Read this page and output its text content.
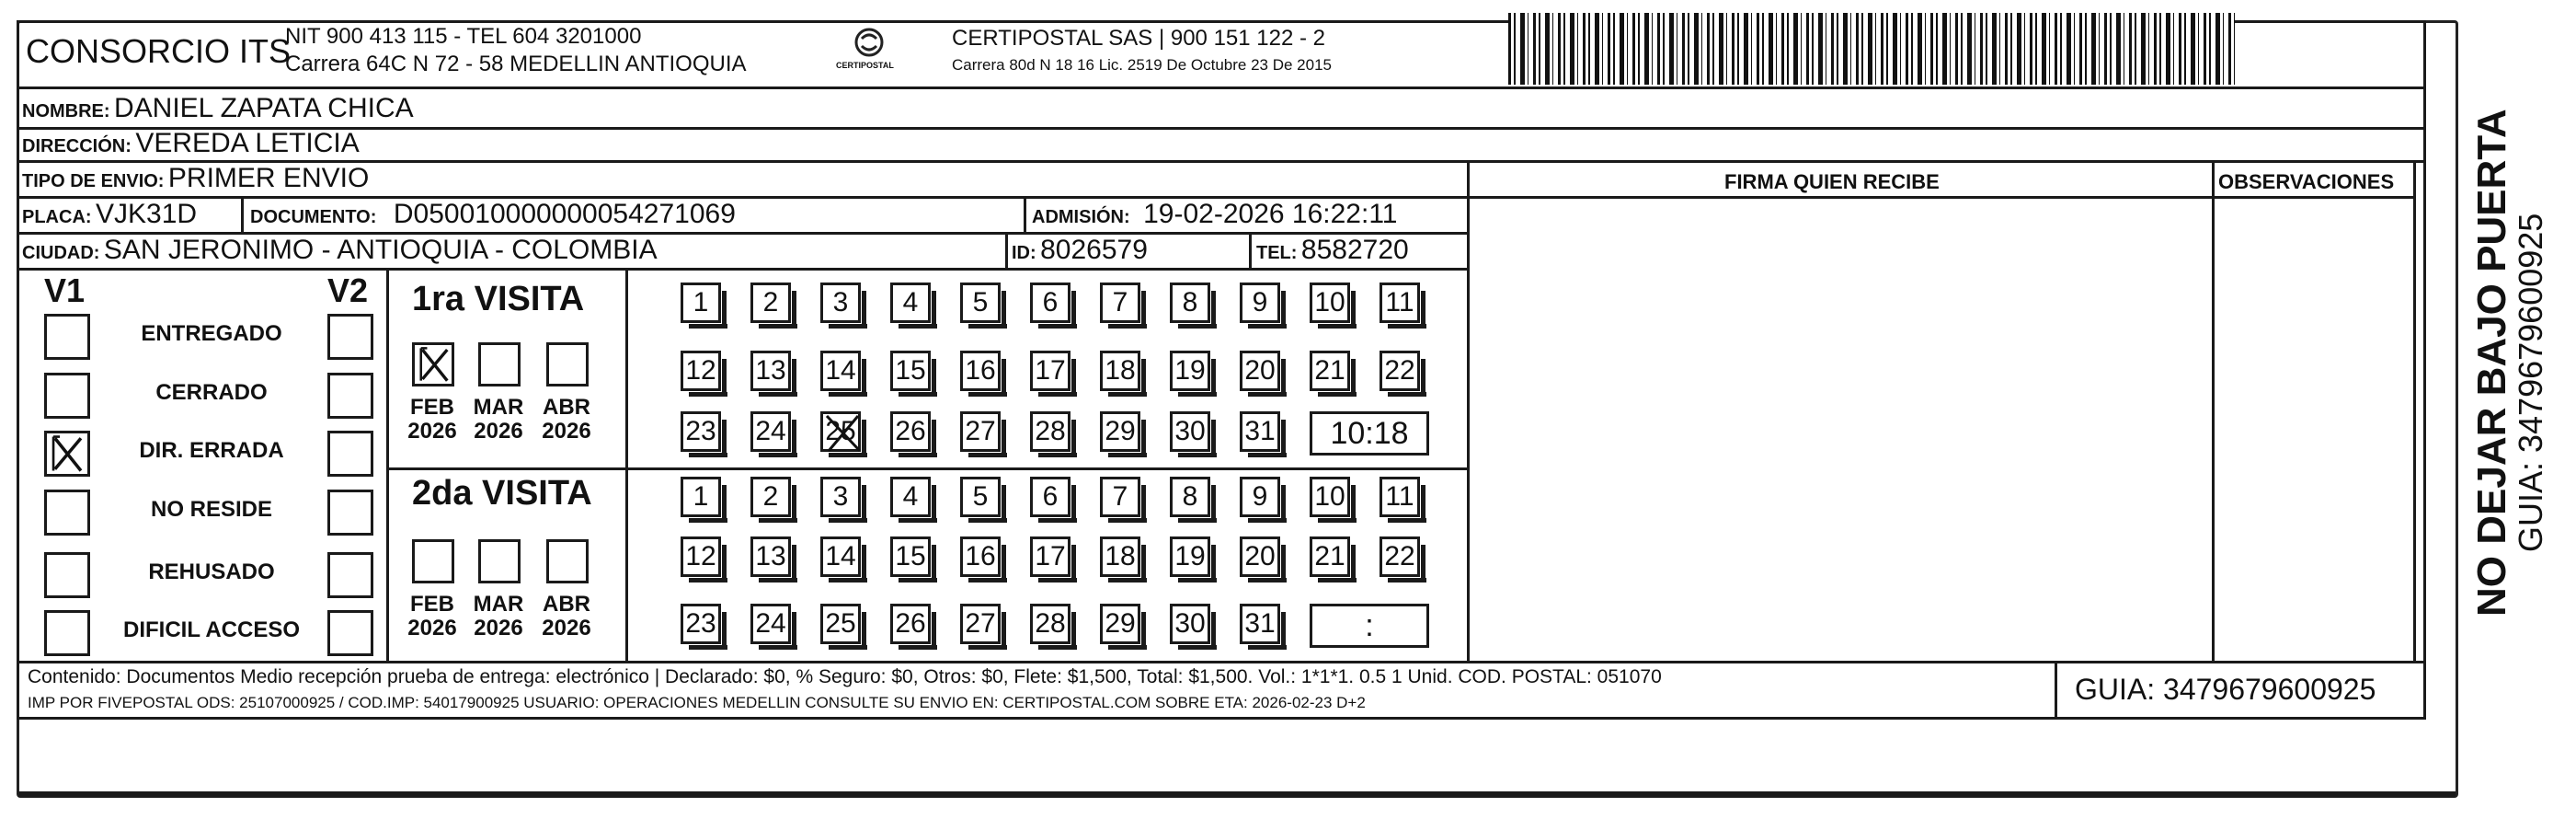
CONSORCIO ITS
NIT 900 413 115 - TEL 604 3201000
Carrera 64C N 72 - 58 MEDELLIN ANTIOQUIA	CERTIPOSTAL
CERTIPOSTAL SAS | 900 151 122 - 2
Carrera 80d N 18 16 Lic. 2519 De Octubre 23 De 2015
NOMBRE: DANIEL ZAPATA CHICA
DIRECCIÓN: VEREDA LETICIA
TIPO DE ENVIO: PRIMER ENVIO
PLACA: VJK31D	DOCUMENTO: D050010000000054271069	ADMISIÓN: 19-02-2026 16:22:11
CIUDAD: SAN JERONIMO - ANTIOQUIA - COLOMBIA	ID: 8026579	TEL: 8582720
FIRMA QUIEN RECIBE	OBSERVACIONES
V1	V2
ENTREGADO
CERRADO
DIR. ERRADA
NO RESIDE
REHUSADO
DIFICIL ACCESO
1ra VISITA
2da VISITA
1 2 3 4 5 6 7 8 9 10 11
12 13 14 15 16 17 18 19 20 21 22
23 24 25 26 27 28 29 30 31 10:18
FEB
2026
MAR
2026
ABR
2026
1 2 3 4 5 6 7 8 9 10 11
12 13 14 15 16 17 18 19 20 21 22
23 24 25 26 27 28 29 30 31	:
FEB
2026
MAR
2026
ABR
2026
Contenido: Documentos Medio recepción prueba de entrega: electrónico | Declarado: $0, % Seguro: $0, Otros: $0, Flete: $1,500, Total: $1,500. Vol.: 1*1*1. 0.5 1 Unid. COD. POSTAL: 051070
IMP POR FIVEPOSTAL ODS: 25107000925 / COD.IMP: 54017900925 USUARIO: OPERACIONES MEDELLIN CONSULTE SU ENVIO EN: CERTIPOSTAL.COM SOBRE ETA: 2026-02-23 D+2	GUIA: 3479679600925
NO DEJAR BAJO PUERTA
GUIA: 3479679600925
